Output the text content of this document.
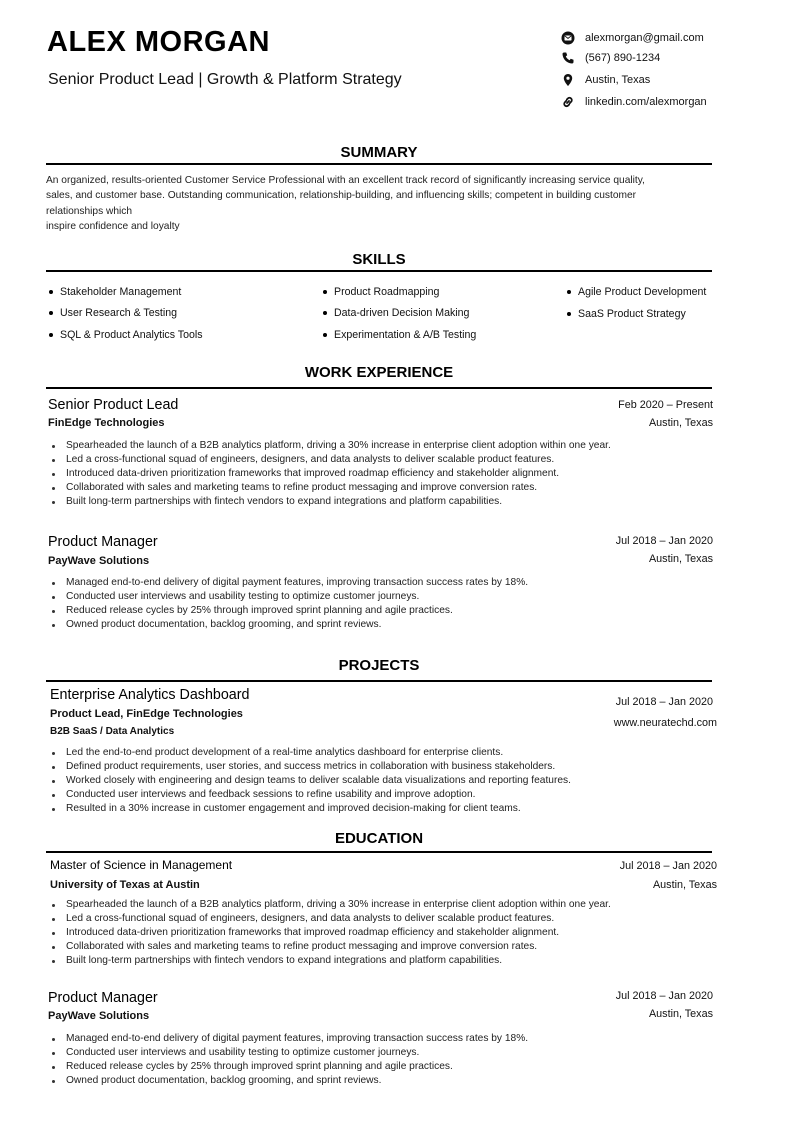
ALEX MORGAN
Senior Product Lead | Growth & Platform Strategy
alexmorgan@gmail.com
(567) 890-1234
Austin, Texas
linkedin.com/alexmorgan
SUMMARY

An organized, results-oriented Customer Service Professional with an excellent track record of significantly increasing service quality,

sales, and customer base. Outstanding communication, relationship-building, and influencing skills; competent in building customer

relationships which

inspire confidence and loyalty

SKILLS
Stakeholder Management	Product Roadmapping	Agile Product Development
User Research & Testing	Data-driven Decision Making	SaaS Product Strategy
SQL & Product Analytics Tools	Experimentation & A/B Testing
WORK EXPERIENCE
Senior Product Lead	Feb 2020 – Present
FinEdge Technologies	Austin, Texas
Spearheaded the launch of a B2B analytics platform, driving a 30% increase in enterprise client adoption within one year.
Led a cross-functional squad of engineers, designers, and data analysts to deliver scalable product features.
Introduced data-driven prioritization frameworks that improved roadmap efficiency and stakeholder alignment.
Collaborated with sales and marketing teams to refine product messaging and improve conversion rates.
Built long-term partnerships with fintech vendors to expand integrations and platform capabilities.
Product Manager	Jul 2018 – Jan 2020
PayWave Solutions	Austin, Texas
Managed end-to-end delivery of digital payment features, improving transaction success rates by 18%.
Conducted user interviews and usability testing to optimize customer journeys.
Reduced release cycles by 25% through improved sprint planning and agile practices.
Owned product documentation, backlog grooming, and sprint reviews.
PROJECTS
Enterprise Analytics Dashboard	Jul 2018 – Jan 2020
Product Lead, FinEdge Technologies
www.neuratechd.com
B2B SaaS / Data Analytics
Led the end-to-end product development of a real-time analytics dashboard for enterprise clients.
Defined product requirements, user stories, and success metrics in collaboration with business stakeholders.
Worked closely with engineering and design teams to deliver scalable data visualizations and reporting features.
Conducted user interviews and feedback sessions to refine usability and improve adoption.
Resulted in a 30% increase in customer engagement and improved decision-making for client teams.
EDUCATION
Master of Science in Management	Jul 2018 – Jan 2020
University of Texas at Austin	Austin, Texas
Spearheaded the launch of a B2B analytics platform, driving a 30% increase in enterprise client adoption within one year.
Led a cross-functional squad of engineers, designers, and data analysts to deliver scalable product features.
Introduced data-driven prioritization frameworks that improved roadmap efficiency and stakeholder alignment.
Collaborated with sales and marketing teams to refine product messaging and improve conversion rates.
Built long-term partnerships with fintech vendors to expand integrations and platform capabilities.
Product Manager	Jul 2018 – Jan 2020
PayWave Solutions	Austin, Texas
Managed end-to-end delivery of digital payment features, improving transaction success rates by 18%.
Conducted user interviews and usability testing to optimize customer journeys.
Reduced release cycles by 25% through improved sprint planning and agile practices.
Owned product documentation, backlog grooming, and sprint reviews.
